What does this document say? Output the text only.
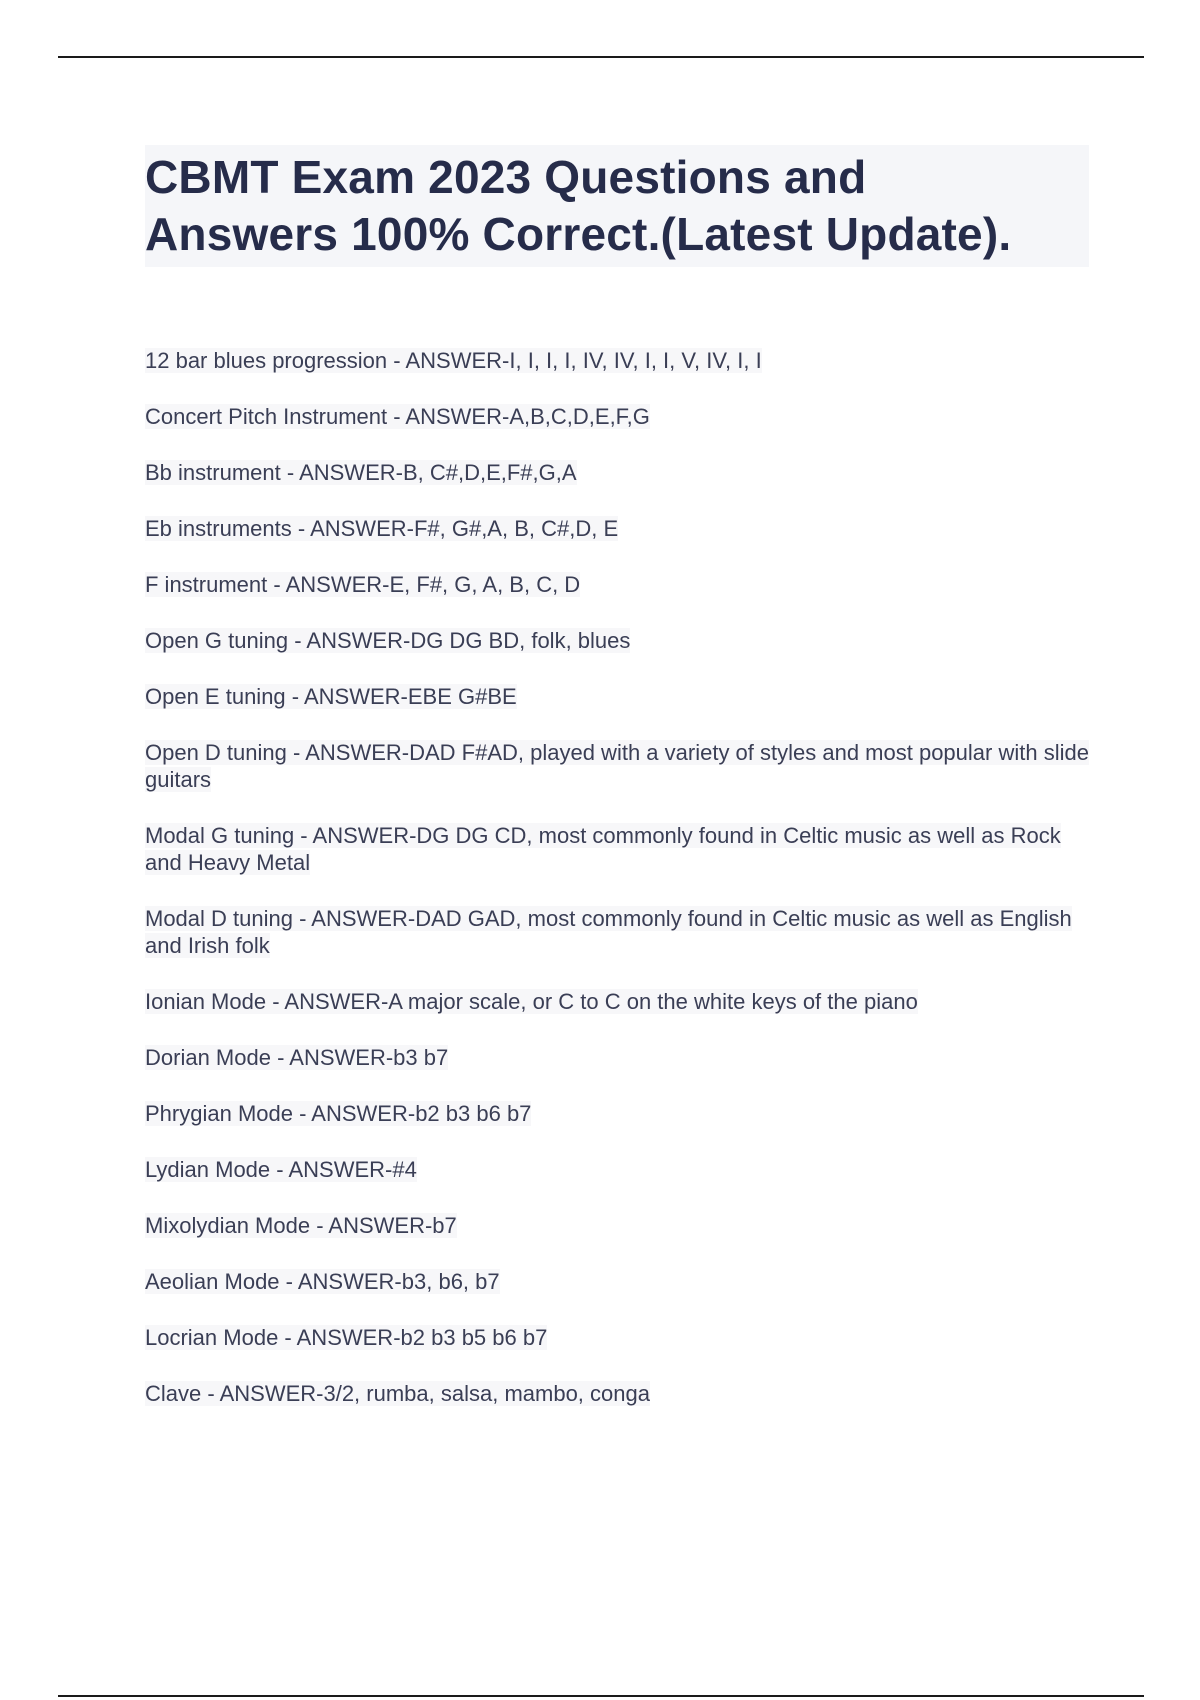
CBMT Exam 2023 Questions and
Answers 100% Correct.(Latest Update).
12 bar blues progression - ANSWER-I, I, I, I, IV, IV, I, I, V, IV, I, I
Concert Pitch Instrument - ANSWER-A,B,C,D,E,F,G
Bb instrument - ANSWER-B, C#,D,E,F#,G,A
Eb instruments - ANSWER-F#, G#,A, B, C#,D, E
F instrument - ANSWER-E, F#, G, A, B, C, D
Open G tuning - ANSWER-DG DG BD, folk, blues
Open E tuning - ANSWER-EBE G#BE
Open D tuning - ANSWER-DAD F#AD, played with a variety of styles and most popular with slide guitars
Modal G tuning - ANSWER-DG DG CD, most commonly found in Celtic music as well as Rock and Heavy Metal
Modal D tuning - ANSWER-DAD GAD, most commonly found in Celtic music as well as English and Irish folk
Ionian Mode - ANSWER-A major scale, or C to C on the white keys of the piano
Dorian Mode - ANSWER-b3 b7
Phrygian Mode - ANSWER-b2 b3 b6 b7
Lydian Mode - ANSWER-#4
Mixolydian Mode - ANSWER-b7
Aeolian Mode - ANSWER-b3, b6, b7
Locrian Mode - ANSWER-b2 b3 b5 b6 b7
Clave - ANSWER-3/2, rumba, salsa, mambo, conga
